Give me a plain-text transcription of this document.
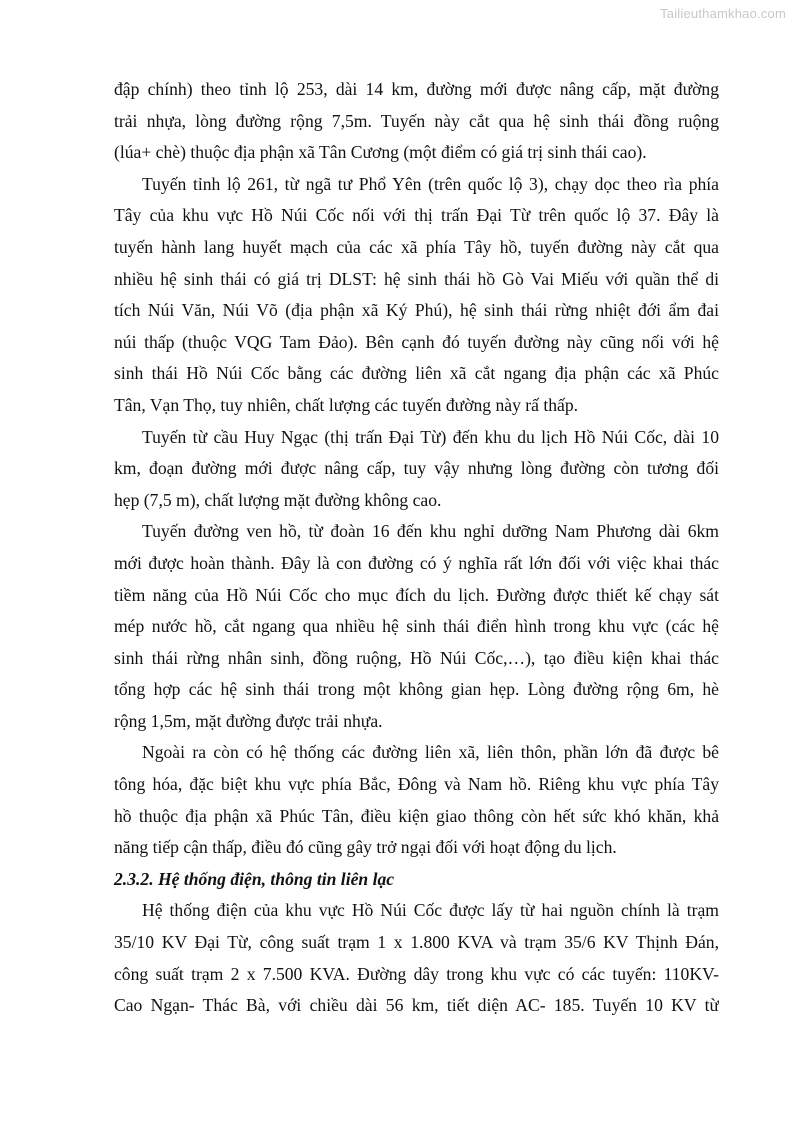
Tailieuthamkhao.com
đập chính) theo tỉnh lộ 253, dài 14 km, đường mới được nâng cấp, mặt đường
trải nhựa, lòng đường rộng 7,5m. Tuyến này cắt qua hệ sinh thái đồng ruộng
(lúa+ chè) thuộc địa phận xã Tân Cương (một điểm có giá trị sinh thái cao).
Tuyến tỉnh lộ 261, từ ngã tư Phổ Yên (trên quốc lộ 3), chạy dọc theo rìa phía
Tây của khu vực Hồ Núi Cốc nối với thị trấn Đại Từ trên quốc lộ 37. Đây là
tuyến hành lang huyết mạch của các xã phía Tây hồ, tuyến đường này cắt qua
nhiều hệ sinh thái có giá trị DLST: hệ sinh thái hồ Gò Vai Miếu với quần thể di
tích Núi Văn, Núi Võ (địa phận xã Ký Phú), hệ sinh thái rừng nhiệt đới ẩm đai
núi thấp (thuộc VQG Tam Đảo). Bên cạnh đó tuyến đường này cũng nối với hệ
sinh thái Hồ Núi Cốc bằng các đường liên xã cắt ngang địa phận các xã Phúc
Tân, Vạn Thọ, tuy nhiên, chất lượng các tuyến đường này rấ thấp.
Tuyến từ cầu Huy Ngạc (thị trấn Đại Từ) đến khu du lịch Hồ Núi Cốc, dài 10
km, đoạn đường mới được nâng cấp, tuy vậy nhưng lòng đường còn tương đối
hẹp (7,5 m), chất lượng mặt đường không cao.
Tuyến đường ven hồ, từ đoàn 16 đến khu nghỉ dưỡng Nam Phương dài 6km
mới được hoàn thành. Đây là con đường có ý nghĩa rất lớn đối với việc khai thác
tiềm năng của Hồ Núi Cốc cho mục đích du lịch. Đường được thiết kế chạy sát
mép nước hồ, cắt ngang qua nhiều hệ sinh thái điển hình trong khu vực (các hệ
sinh thái rừng nhân sinh, đồng ruộng, Hồ Núi Cốc,…), tạo điều kiện khai thác
tổng hợp các hệ sinh thái trong một không gian hẹp. Lòng đường rộng 6m, hè
rộng 1,5m, mặt đường được trải nhựa.
Ngoài ra còn có hệ thống các đường liên xã, liên thôn, phần lớn đã được bê
tông hóa, đặc biệt khu vực phía Bắc, Đông và Nam hồ. Riêng khu vực phía Tây
hồ thuộc địa phận xã Phúc Tân, điều kiện giao thông còn hết sức khó khăn, khả
năng tiếp cận thấp, điều đó cũng gây trở ngại đối với hoạt động du lịch.
2.3.2. Hệ thống điện, thông tin liên lạc
Hệ thống điện của khu vực Hồ Núi Cốc được lấy từ hai nguồn chính là trạm
35/10 KV Đại Từ, công suất trạm 1 x 1.800 KVA và trạm 35/6 KV Thịnh Đán,
công suất trạm 2 x 7.500 KVA. Đường dây trong khu vực có các tuyến: 110KV-
Cao Ngạn- Thác Bà, với chiều dài 56 km, tiết diện AC- 185. Tuyến 10 KV từ
